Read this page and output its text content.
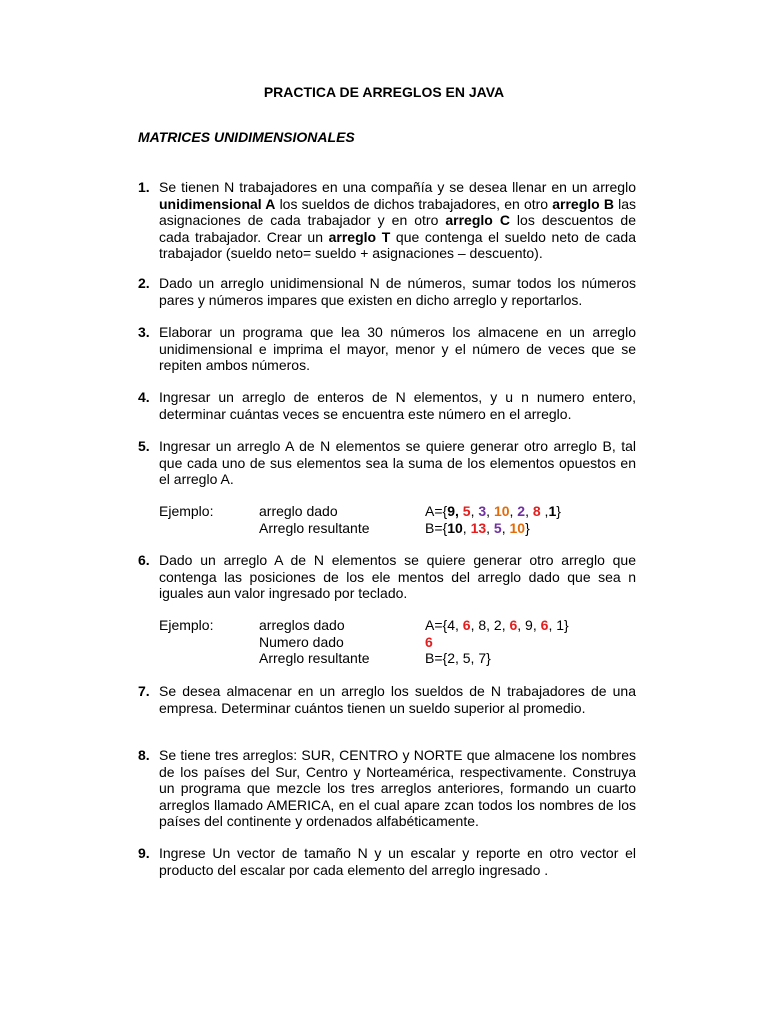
PRACTICA DE ARREGLOS EN JAVA
MATRICES UNIDIMENSIONALES
1. Se tienen N trabajadores en una compañía y se desea llenar en un arreglo unidimensional A los sueldos de dichos trabajadores, en otro arreglo B las asignaciones de cada trabajador y en otro arreglo C los descuentos de cada trabajador. Crear un arreglo T que contenga el sueldo neto de cada trabajador (sueldo neto= sueldo + asignaciones – descuento).
2. Dado un arreglo unidimensional N de números, sumar todos los números pares y números impares que existen en dicho arreglo y reportarlos.
3. Elaborar un programa que lea 30 números los almacene en un arreglo unidimensional e imprima el mayor, menor y el número de veces que se repiten ambos números.
4. Ingresar un arreglo de enteros de N elementos, y u n numero entero, determinar cuántas veces se encuentra este número en el arreglo.
5. Ingresar un arreglo A de N elementos se quiere generar otro arreglo B, tal que cada uno de sus elementos sea la suma de los elementos opuestos en el arreglo A.
Ejemplo:	arreglo dado	A={9, 5, 3, 10, 2, 8 ,1}
Arreglo resultante	B={10, 13, 5, 10}
6. Dado un arreglo A de N elementos se quiere generar otro arreglo que contenga las posiciones de los ele mentos del arreglo dado que sea n iguales aun valor ingresado por teclado.
Ejemplo:	arreglos dado	A={4, 6, 8, 2, 6, 9, 6, 1}
Numero dado	6
Arreglo resultante	B={2, 5, 7}
7. Se desea almacenar en un arreglo los sueldos de N trabajadores de una empresa. Determinar cuántos tienen un sueldo superior al promedio.
8. Se tiene tres arreglos: SUR, CENTRO y NORTE que almacene los nombres de los países del Sur, Centro y Norteamérica, respectivamente. Construya un programa que mezcle los tres arreglos anteriores, formando un cuarto arreglos llamado AMERICA, en el cual apare zcan todos los nombres de los países del continente y ordenados alfabéticamente.
9. Ingrese Un vector de tamaño N y un escalar y reporte en otro vector el producto del escalar por cada elemento del arreglo ingresado .
